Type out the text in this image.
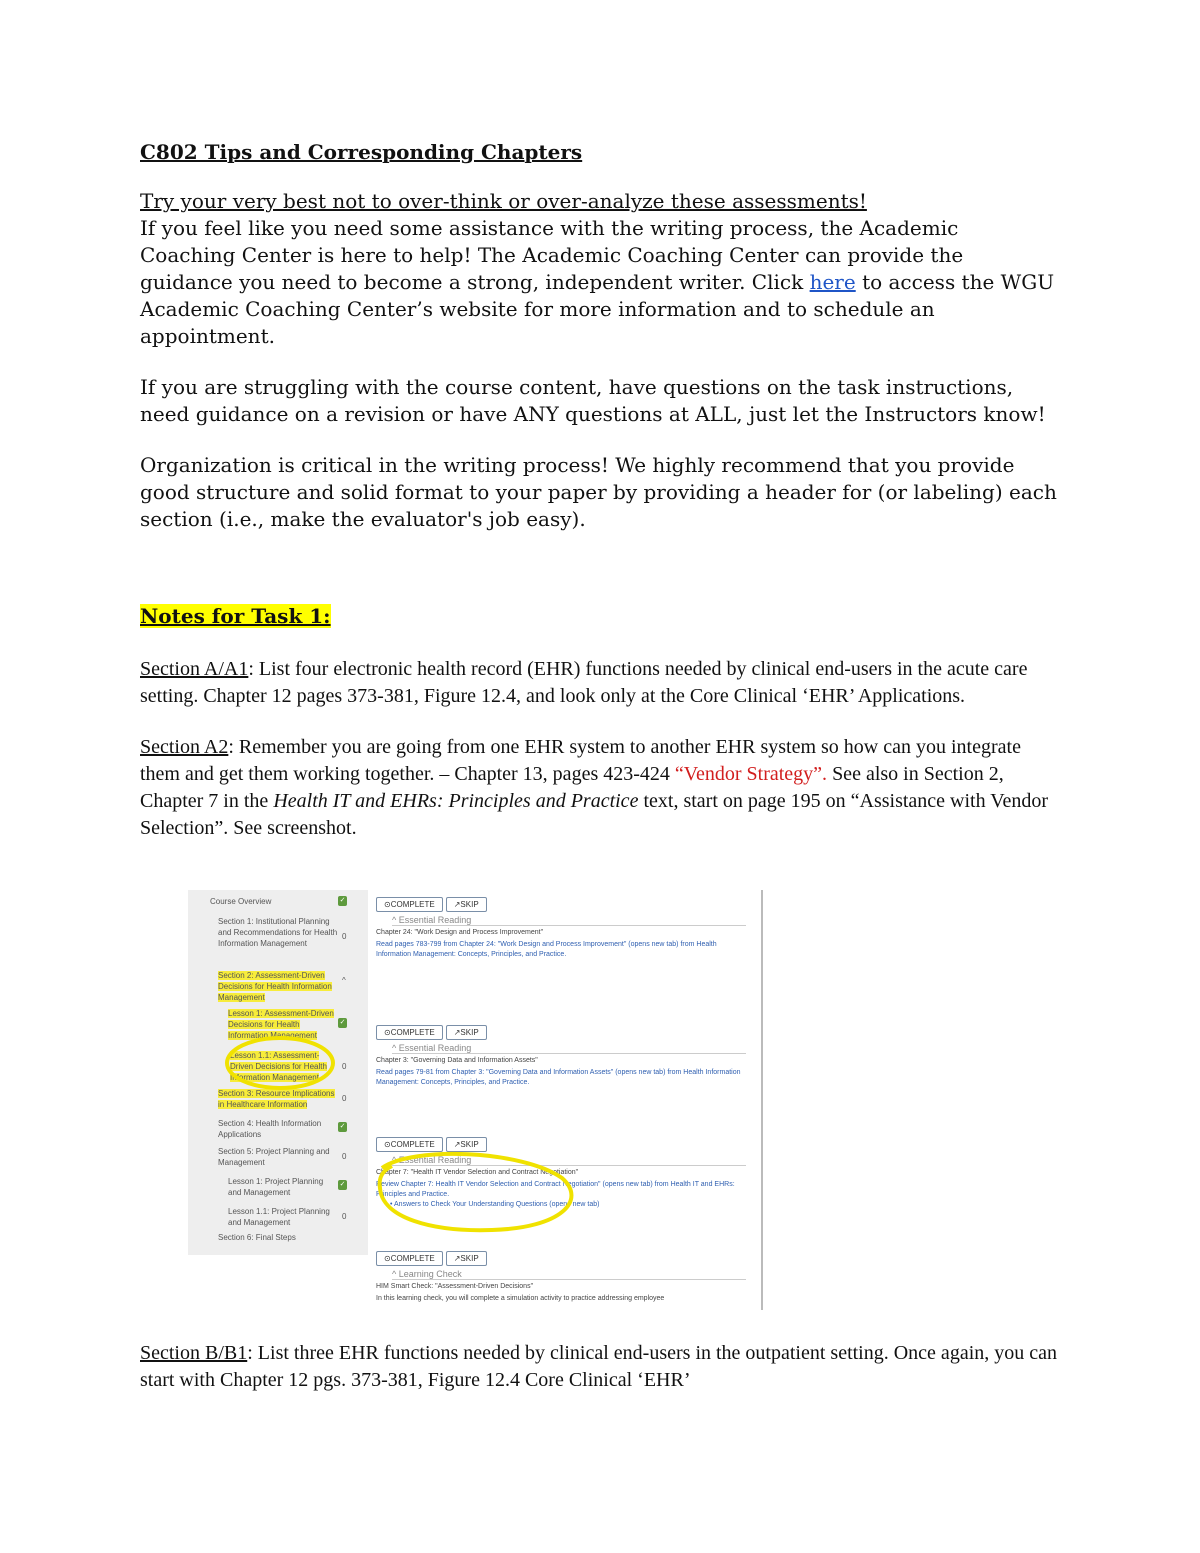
C802 Tips and Corresponding Chapters

Try your very best not to over-think or over-analyze these assessments!
If you feel like you need some assistance with the writing process, the Academic Coaching Center is here to help! The Academic Coaching Center can provide the guidance you need to become a strong, independent writer. Click here to access the WGU Academic Coaching Center’s website for more information and to schedule an appointment.

If you are struggling with the course content, have questions on the task instructions, need guidance on a revision or have ANY questions at ALL, just let the Instructors know!

Organization is critical in the writing process! We highly recommend that you provide good structure and solid format to your paper by providing a header for (or labeling) each section (i.e., make the evaluator's job easy).

Notes for Task 1:

Section A/A1: List four electronic health record (EHR) functions needed by clinical end-users in the acute care setting. Chapter 12 pages 373-381, Figure 12.4, and look only at the Core Clinical ‘EHR’ Applications.

Section A2: Remember you are going from one EHR system to another EHR system so how can you integrate them and get them working together. – Chapter 13, pages 423-424 “Vendor Strategy”. See also in Section 2, Chapter 7 in the Health IT and EHRs: Principles and Practice text, start on page 195 on “Assistance with Vendor Selection”. See screenshot.

Course Overview	✓
Section 1: Institutional Planning and Recommendations for Health Information Management
0
Section 2: Assessment-Driven Decisions for Health Information Management
^
Lesson 1: Assessment-Driven Decisions for Health Information Management
✓
Lesson 1.1: Assessment-Driven Decisions for Health Information Management
0
Section 3: Resource Implications in Healthcare Information
0
Section 4: Health Information Applications
✓
Section 5: Project Planning and Management
0
Lesson 1: Project Planning and Management
✓
Lesson 1.1: Project Planning and Management
0
Section 6: Final Steps
⊙COMPLETE ↗SKIP
^ Essential Reading
Chapter 24: "Work Design and Process Improvement"
Read pages 783-799 from Chapter 24: "Work Design and Process Improvement" (opens new tab) from Health Information Management: Concepts, Principles, and Practice.
⊙COMPLETE ↗SKIP
^ Essential Reading
Chapter 3: "Governing Data and Information Assets"
Read pages 79-81 from Chapter 3: "Governing Data and Information Assets" (opens new tab) from Health Information Management: Concepts, Principles, and Practice.
⊙COMPLETE ↗SKIP
^ Essential Reading
Chapter 7: "Health IT Vendor Selection and Contract Negotiation"
Review Chapter 7: Health IT Vendor Selection and Contract Negotiation" (opens new tab) from Health IT and EHRs: Principles and Practice.
• Answers to Check Your Understanding Questions (opens new tab)
⊙COMPLETE ↗SKIP
^ Learning Check
HIM Smart Check: "Assessment-Driven Decisions"
In this learning check, you will complete a simulation activity to practice addressing employee

Section B/B1: List three EHR functions needed by clinical end-users in the outpatient setting. Once again, you can start with Chapter 12 pgs. 373-381, Figure 12.4 Core Clinical ‘EHR’
